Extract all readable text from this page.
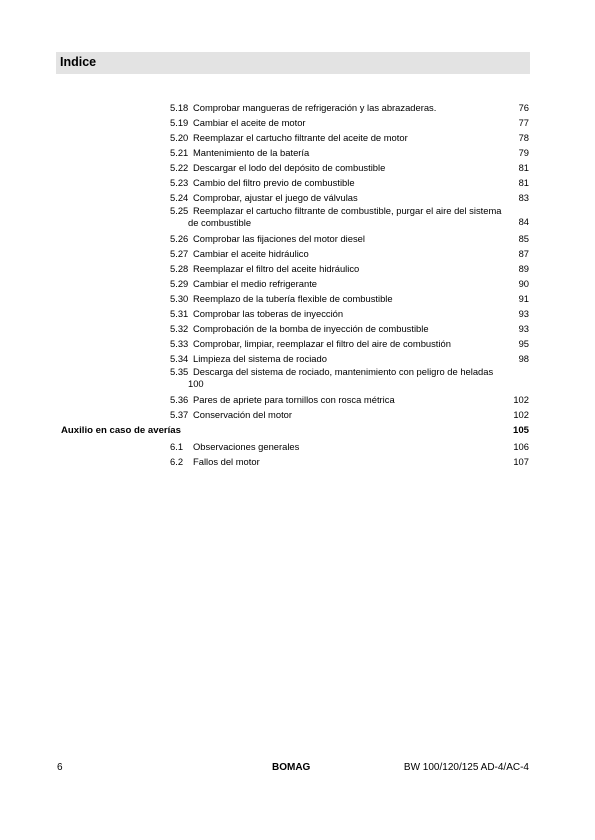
Indice
5.18 Comprobar mangueras de refrigeración y las abrazaderas.	76
5.19 Cambiar el aceite de motor	77
5.20 Reemplazar el cartucho filtrante del aceite de motor	78
5.21 Mantenimiento de la batería	79
5.22 Descargar el lodo del depósito de combustible	81
5.23 Cambio del filtro previo de combustible	81
5.24 Comprobar, ajustar el juego de válvulas	83
5.25 Reemplazar el cartucho filtrante de combustible, purgar el aire del sistema
de combustible	84
5.26 Comprobar las fijaciones del motor diesel	85
5.27 Cambiar el aceite hidráulico	87
5.28 Reemplazar el filtro del aceite hidráulico	89
5.29 Cambiar el medio refrigerante	90
5.30 Reemplazo de la tubería flexible de combustible	91
5.31 Comprobar las toberas de inyección	93
5.32 Comprobación de la bomba de inyección de combustible	93
5.33 Comprobar, limpiar, reemplazar el filtro del aire de combustión	95
5.34 Limpieza del sistema de rociado	98
5.35 Descarga del sistema de rociado, mantenimiento con peligro de heladas
100
5.36 Pares de apriete para tornillos con rosca métrica	102
5.37 Conservación del motor	102
Auxilio en caso de averías	105
6.1 Observaciones generales	106
6.2 Fallos del motor	107
6	BOMAG	BW 100/120/125 AD-4/AC-4
